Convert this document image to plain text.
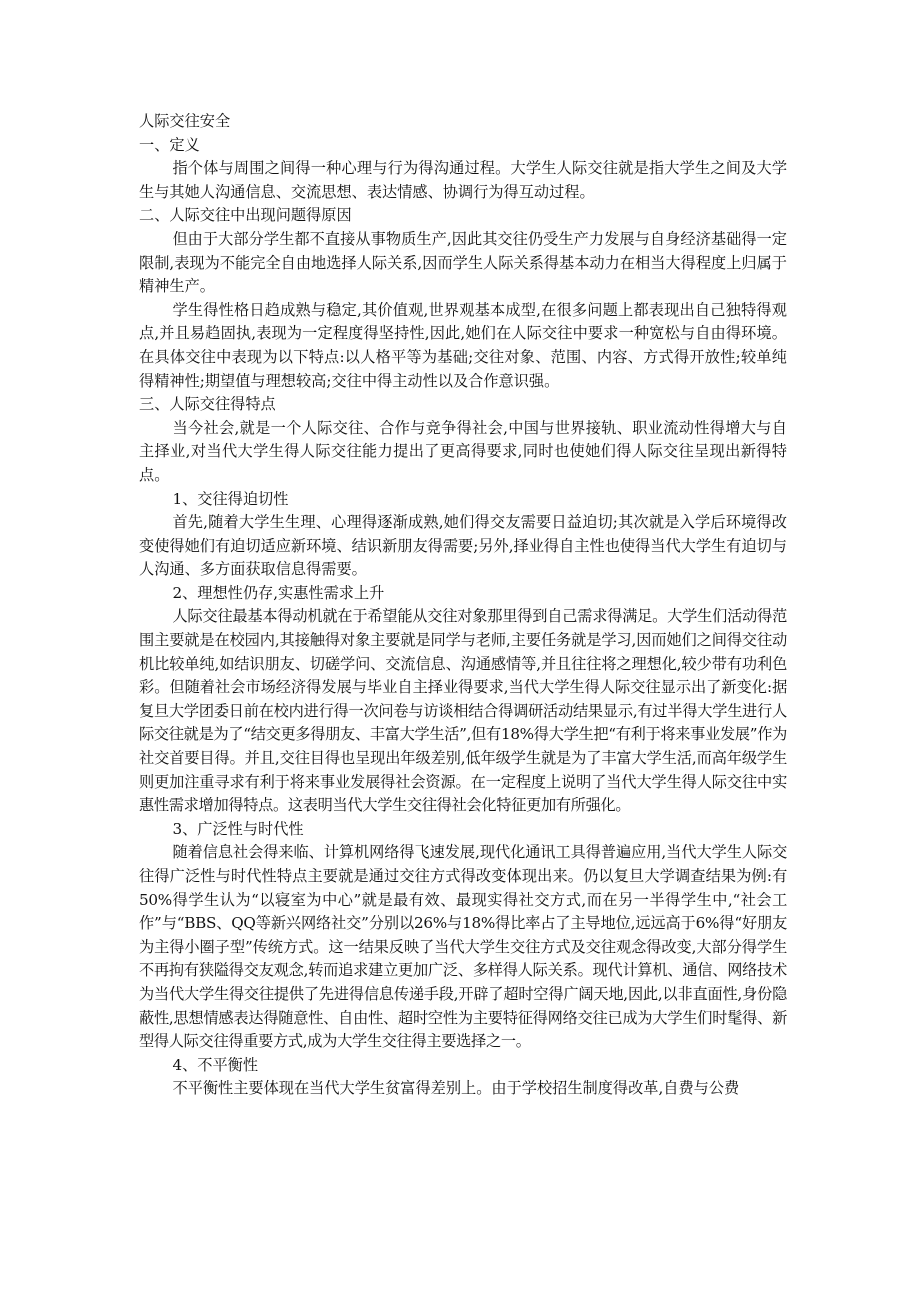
人际交往安全

一、定义

指个体与周围之间得一种心理与行为得沟通过程。大学生人际交往就是指大学生之间及大学生与其她人沟通信息、交流思想、表达情感、协调行为得互动过程。

二、人际交往中出现问题得原因

但由于大部分学生都不直接从事物质生产,因此其交往仍受生产力发展与自身经济基础得一定限制,表现为不能完全自由地选择人际关系,因而学生人际关系得基本动力在相当大得程度上归属于精神生产。

学生得性格日趋成熟与稳定,其价值观,世界观基本成型,在很多问题上都表现出自己独特得观点,并且易趋固执,表现为一定程度得坚持性,因此,她们在人际交往中要求一种宽松与自由得环境。在具体交往中表现为以下特点:以人格平等为基础;交往对象、范围、内容、方式得开放性;较单纯得精神性;期望值与理想较高;交往中得主动性以及合作意识强。

三、人际交往得特点

当今社会,就是一个人际交往、合作与竞争得社会,中国与世界接轨、职业流动性得增大与自主择业,对当代大学生得人际交往能力提出了更高得要求,同时也使她们得人际交往呈现出新得特点。

1、交往得迫切性

首先,随着大学生生理、心理得逐渐成熟,她们得交友需要日益迫切;其次就是入学后环境得改变使得她们有迫切适应新环境、结识新朋友得需要;另外,择业得自主性也使得当代大学生有迫切与人沟通、多方面获取信息得需要。

2、理想性仍存,实惠性需求上升

人际交往最基本得动机就在于希望能从交往对象那里得到自己需求得满足。大学生们活动得范围主要就是在校园内,其接触得对象主要就是同学与老师,主要任务就是学习,因而她们之间得交往动机比较单纯,如结识朋友、切磋学问、交流信息、沟通感情等,并且往往将之理想化,较少带有功利色彩。但随着社会市场经济得发展与毕业自主择业得要求,当代大学生得人际交往显示出了新变化:据复旦大学团委日前在校内进行得一次问卷与访谈相结合得调研活动结果显示,有过半得大学生进行人际交往就是为了“结交更多得朋友、丰富大学生活”,但有18%得大学生把“有利于将来事业发展”作为社交首要目得。并且,交往目得也呈现出年级差别,低年级学生就是为了丰富大学生活,而高年级学生则更加注重寻求有利于将来事业发展得社会资源。在一定程度上说明了当代大学生得人际交往中实惠性需求增加得特点。这表明当代大学生交往得社会化特征更加有所强化。

3、广泛性与时代性

随着信息社会得来临、计算机网络得飞速发展,现代化通讯工具得普遍应用,当代大学生人际交往得广泛性与时代性特点主要就是通过交往方式得改变体现出来。仍以复旦大学调查结果为例:有50%得学生认为“以寝室为中心”就是最有效、最现实得社交方式,而在另一半得学生中,“社会工作”与“BBS、QQ等新兴网络社交”分别以26%与18%得比率占了主导地位,远远高于6%得“好朋友为主得小圈子型”传统方式。这一结果反映了当代大学生交往方式及交往观念得改变,大部分得学生不再拘有狭隘得交友观念,转而追求建立更加广泛、多样得人际关系。现代计算机、通信、网络技术为当代大学生得交往提供了先进得信息传递手段,开辟了超时空得广阔天地,因此,以非直面性,身份隐蔽性,思想情感表达得随意性、自由性、超时空性为主要特征得网络交往已成为大学生们时髦得、新型得人际交往得重要方式,成为大学生交往得主要选择之一。

4、不平衡性

不平衡性主要体现在当代大学生贫富得差别上。由于学校招生制度得改革,自费与公费
